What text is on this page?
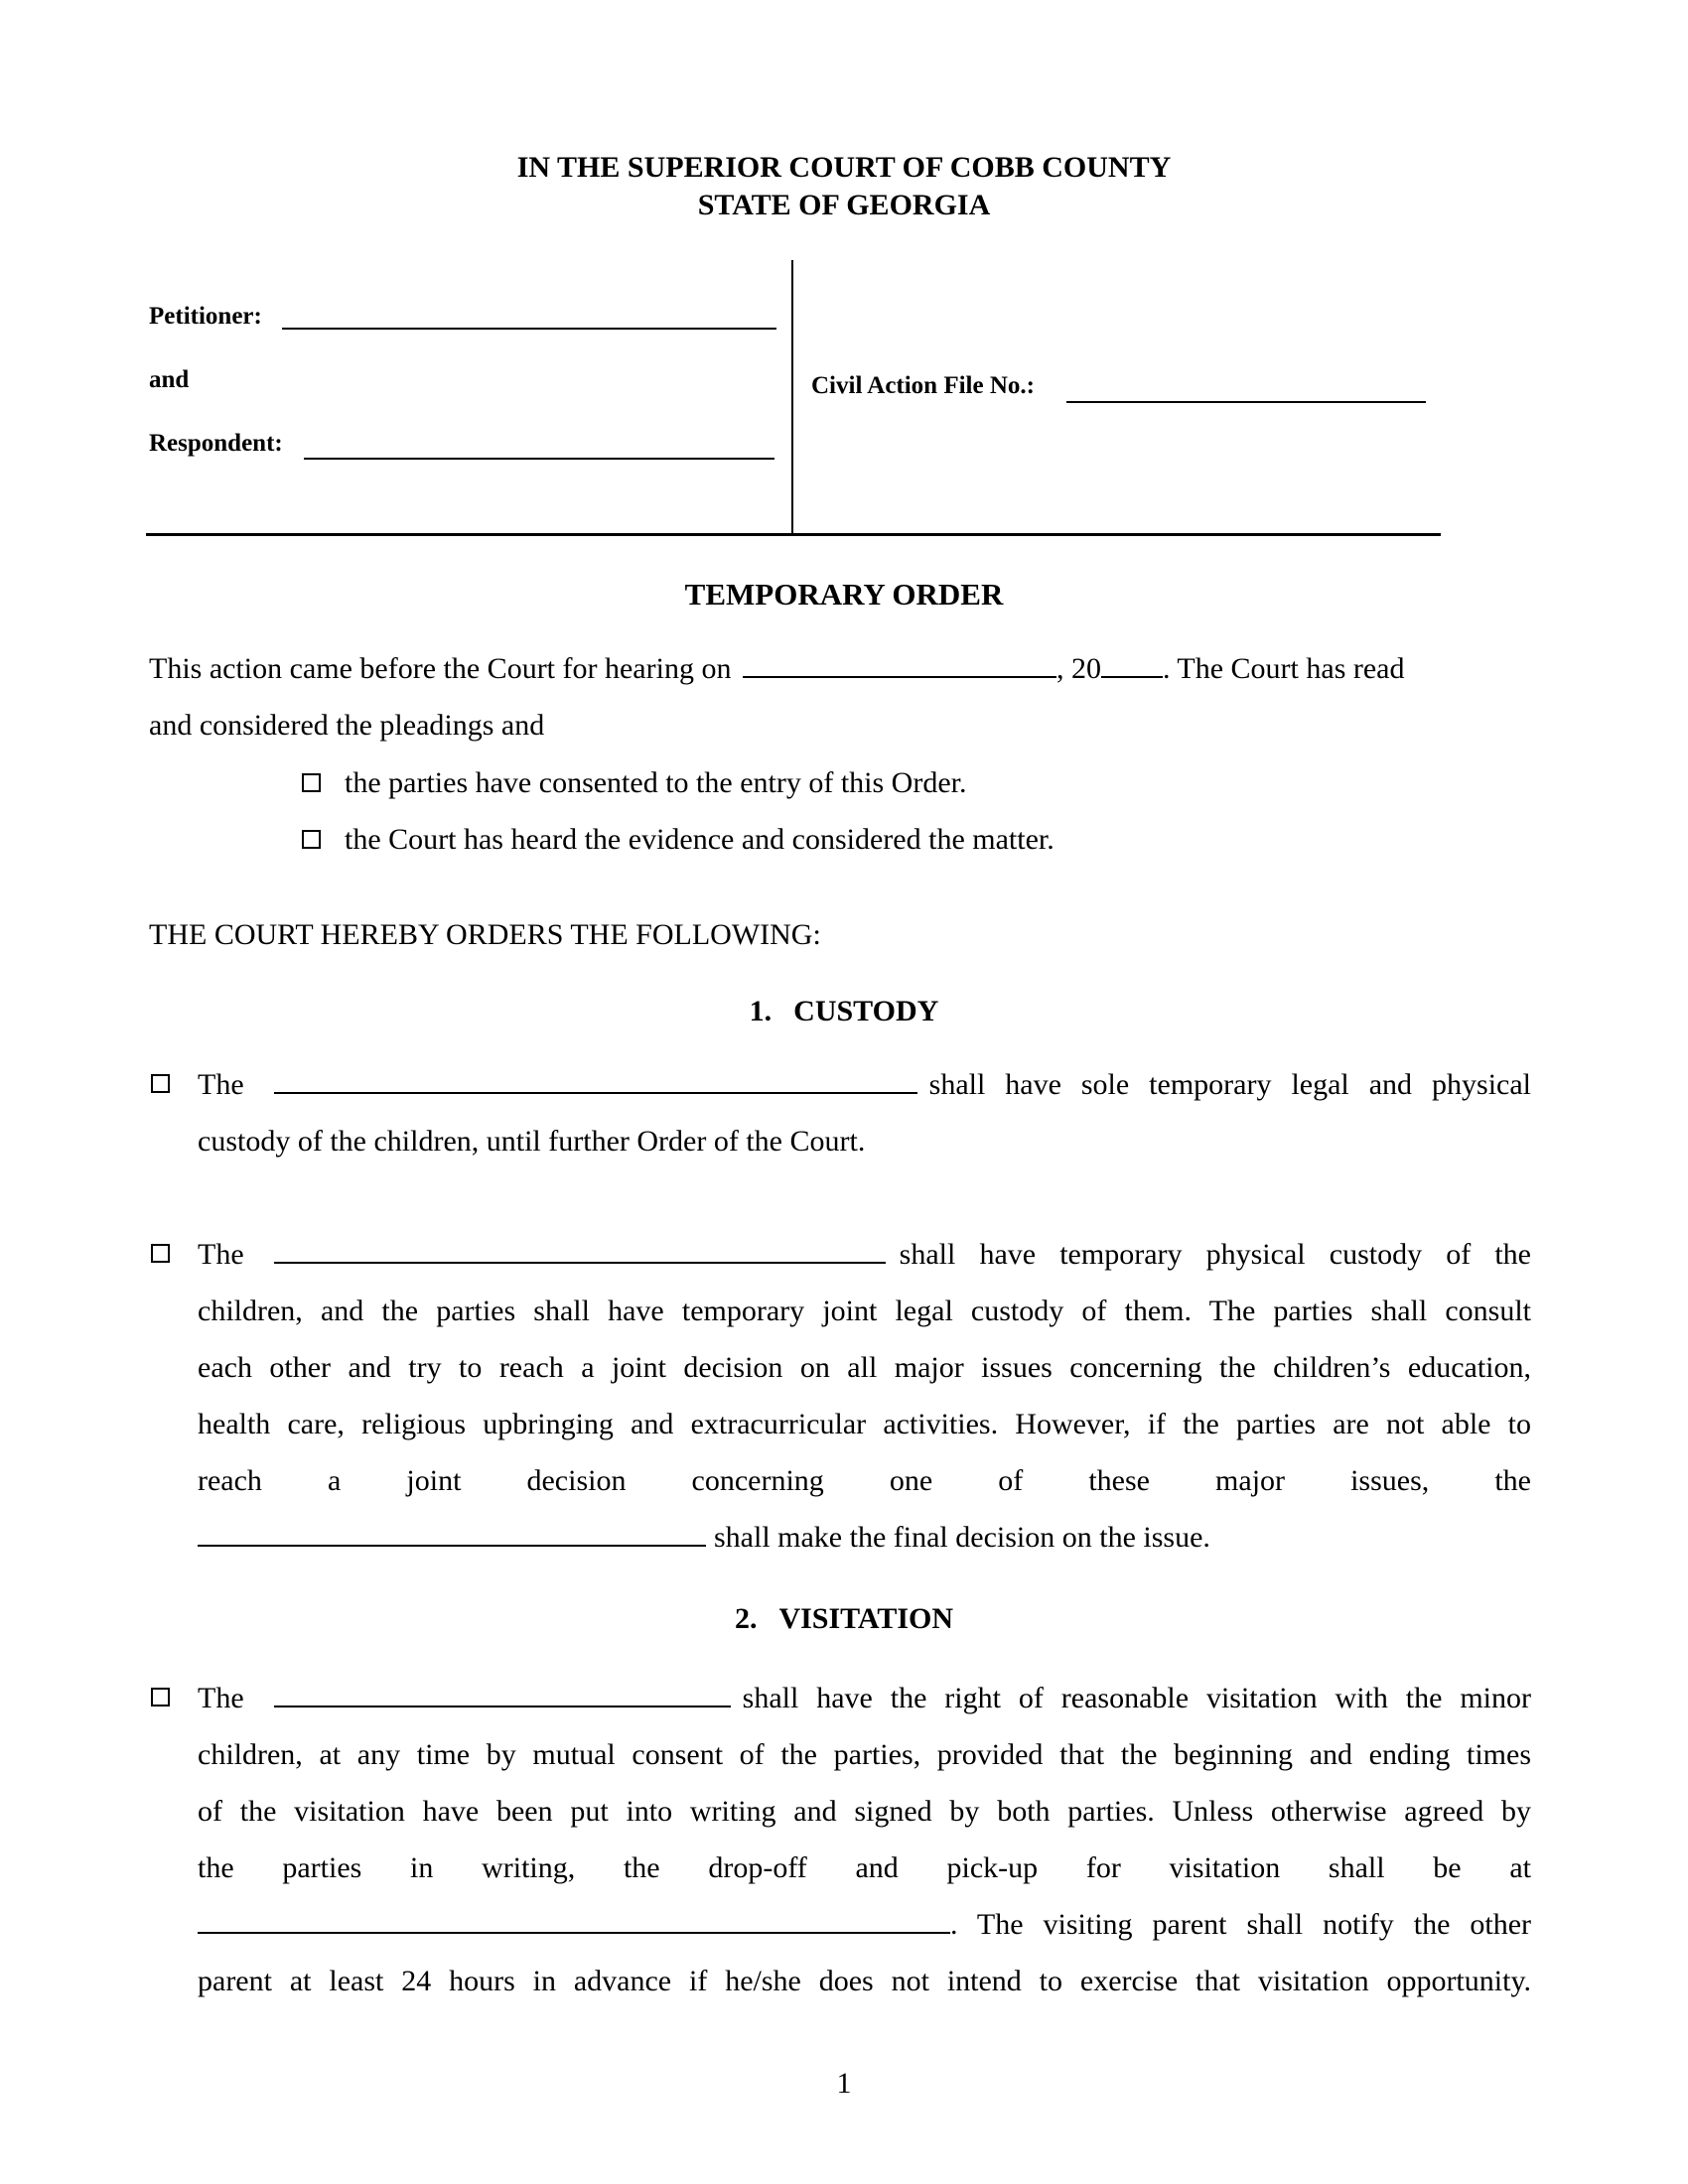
IN THE SUPERIOR COURT OF COBB COUNTY
STATE OF GEORGIA
Petitioner:
and
Respondent:
Civil Action File No.:
TEMPORARY ORDER
This action came before the Court for hearing on	, 20 . The Court has read
and considered the pleadings and
the parties have consented to the entry of this Order.
the Court has heard the evidence and considered the matter.
THE COURT HEREBY ORDERS THE FOLLOWING:
1. CUSTODY
The	shall have sole temporary legal and physical
custody of the children, until further Order of the Court.
The	shall have temporary physical custody of the
children, and the parties shall have temporary joint legal custody of them. The parties shall consult
each other and try to reach a joint decision on all major issues concerning the children’s education,
health care, religious upbringing and extracurricular activities. However, if the parties are not able to
reach a joint decision concerning one of these major issues, the
shall make the final decision on the issue.
2. VISITATION
The	shall have the right of reasonable visitation with the minor
children, at any time by mutual consent of the parties, provided that the beginning and ending times
of the visitation have been put into writing and signed by both parties. Unless otherwise agreed by
the parties in writing, the drop-off and pick-up for visitation shall be at
. The visiting parent shall notify the other
parent at least 24 hours in advance if he/she does not intend to exercise that visitation opportunity.
1
